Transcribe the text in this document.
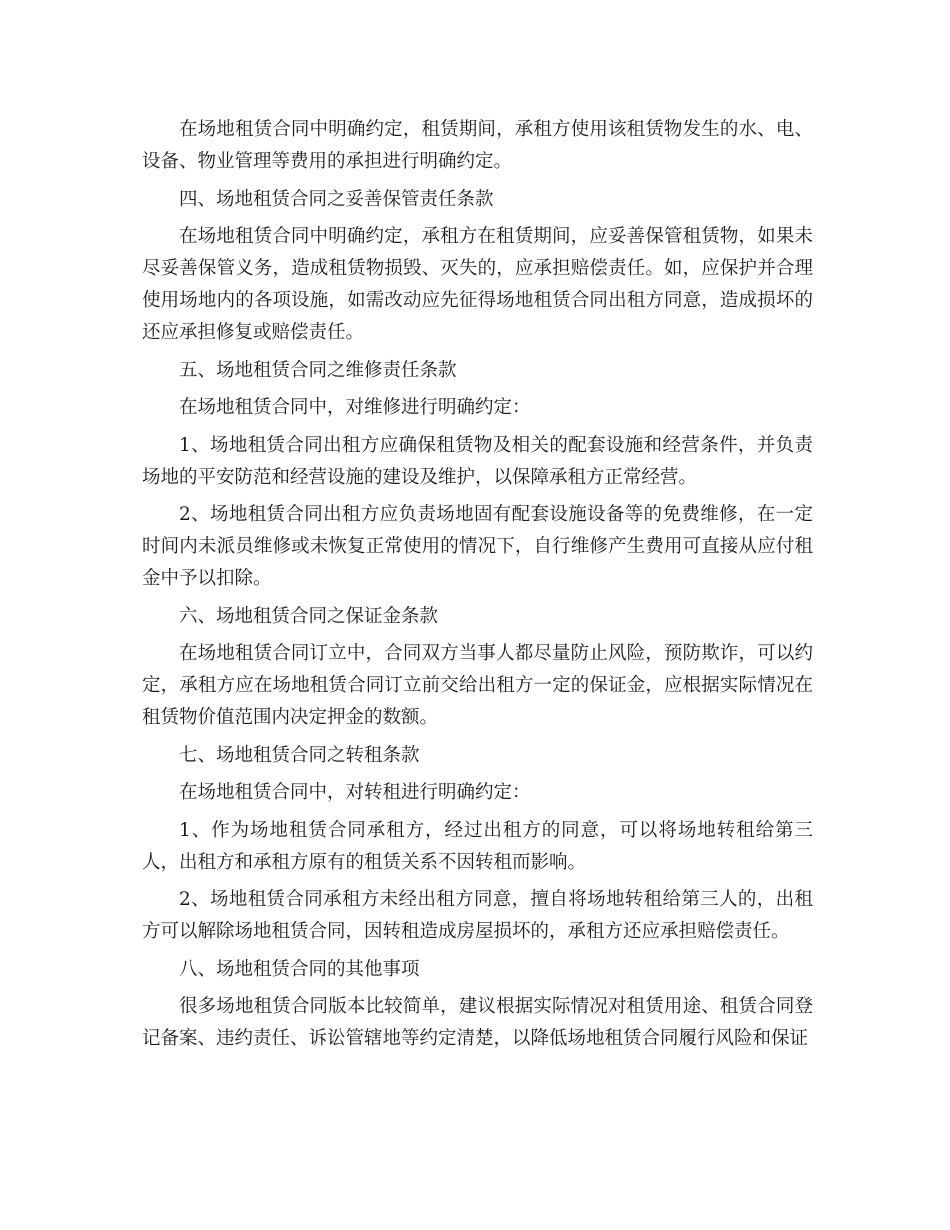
在场地租赁合同中明确约定，租赁期间，承租方使用该租赁物发生的水、电、设备、物业管理等费用的承担进行明确约定。

四、场地租赁合同之妥善保管责任条款

在场地租赁合同中明确约定，承租方在租赁期间，应妥善保管租赁物，如果未尽妥善保管义务，造成租赁物损毁、灭失的，应承担赔偿责任。如，应保护并合理使用场地内的各项设施，如需改动应先征得场地租赁合同出租方同意，造成损坏的还应承担修复或赔偿责任。

五、场地租赁合同之维修责任条款

在场地租赁合同中，对维修进行明确约定：

1、场地租赁合同出租方应确保租赁物及相关的配套设施和经营条件，并负责场地的平安防范和经营设施的建设及维护，以保障承租方正常经营。

2、场地租赁合同出租方应负责场地固有配套设施设备等的免费维修，在一定时间内未派员维修或未恢复正常使用的情况下，自行维修产生费用可直接从应付租金中予以扣除。

六、场地租赁合同之保证金条款

在场地租赁合同订立中，合同双方当事人都尽量防止风险，预防欺诈，可以约定，承租方应在场地租赁合同订立前交给出租方一定的保证金，应根据实际情况在租赁物价值范围内决定押金的数额。

七、场地租赁合同之转租条款

在场地租赁合同中，对转租进行明确约定：

1、作为场地租赁合同承租方，经过出租方的同意，可以将场地转租给第三人，出租方和承租方原有的租赁关系不因转租而影响。

2、场地租赁合同承租方未经出租方同意，擅自将场地转租给第三人的，出租方可以解除场地租赁合同，因转租造成房屋损坏的，承租方还应承担赔偿责任。

八、场地租赁合同的其他事项

很多场地租赁合同版本比较简单，建议根据实际情况对租赁用途、租赁合同登记备案、违约责任、诉讼管辖地等约定清楚，以降低场地租赁合同履行风险和保证
